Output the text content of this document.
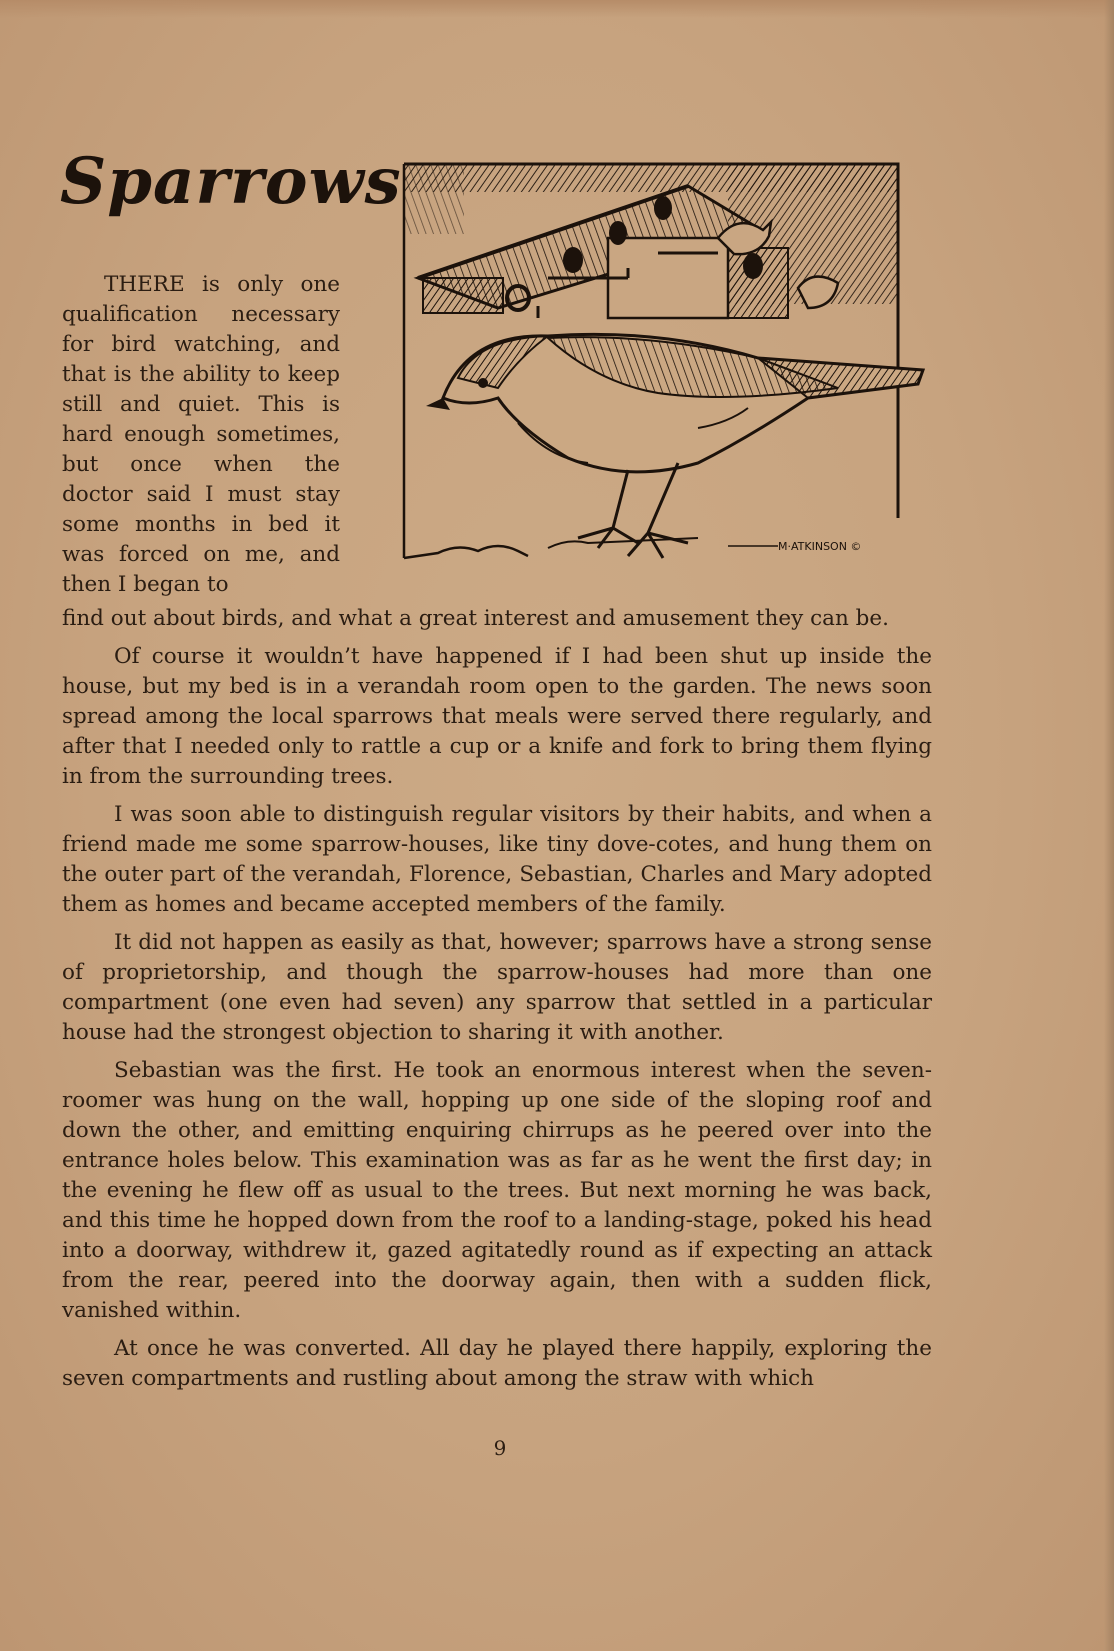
Sparrows
M·ATKINSON ©

THERE is only one qualification necessary for bird watching, and that is the ability to keep still and quiet. This is hard enough sometimes, but once when the doctor said I must stay some months in bed it was forced on me, and then I began to

find out about birds, and what a great interest and amusement they can be.

Of course it wouldn’t have happened if I had been shut up inside the house, but my bed is in a verandah room open to the garden. The news soon spread among the local sparrows that meals were served there regularly, and after that I needed only to rattle a cup or a knife and fork to bring them flying in from the surrounding trees.

I was soon able to distinguish regular visitors by their habits, and when a friend made me some sparrow-houses, like tiny dove-cotes, and hung them on the outer part of the verandah, Florence, Sebastian, Charles and Mary adopted them as homes and became accepted members of the family.

It did not happen as easily as that, however; sparrows have a strong sense of proprietorship, and though the sparrow-houses had more than one compartment (one even had seven) any sparrow that settled in a particular house had the strongest objection to sharing it with another.

Sebastian was the first. He took an enormous interest when the seven-roomer was hung on the wall, hopping up one side of the sloping roof and down the other, and emitting enquiring chirrups as he peered over into the entrance holes below. This examination was as far as he went the first day; in the evening he flew off as usual to the trees. But next morning he was back, and this time he hopped down from the roof to a landing-stage, poked his head into a doorway, withdrew it, gazed agitatedly round as if expecting an attack from the rear, peered into the doorway again, then with a sudden flick, vanished within.

At once he was converted. All day he played there happily, exploring the seven compartments and rustling about among the straw with which

9
